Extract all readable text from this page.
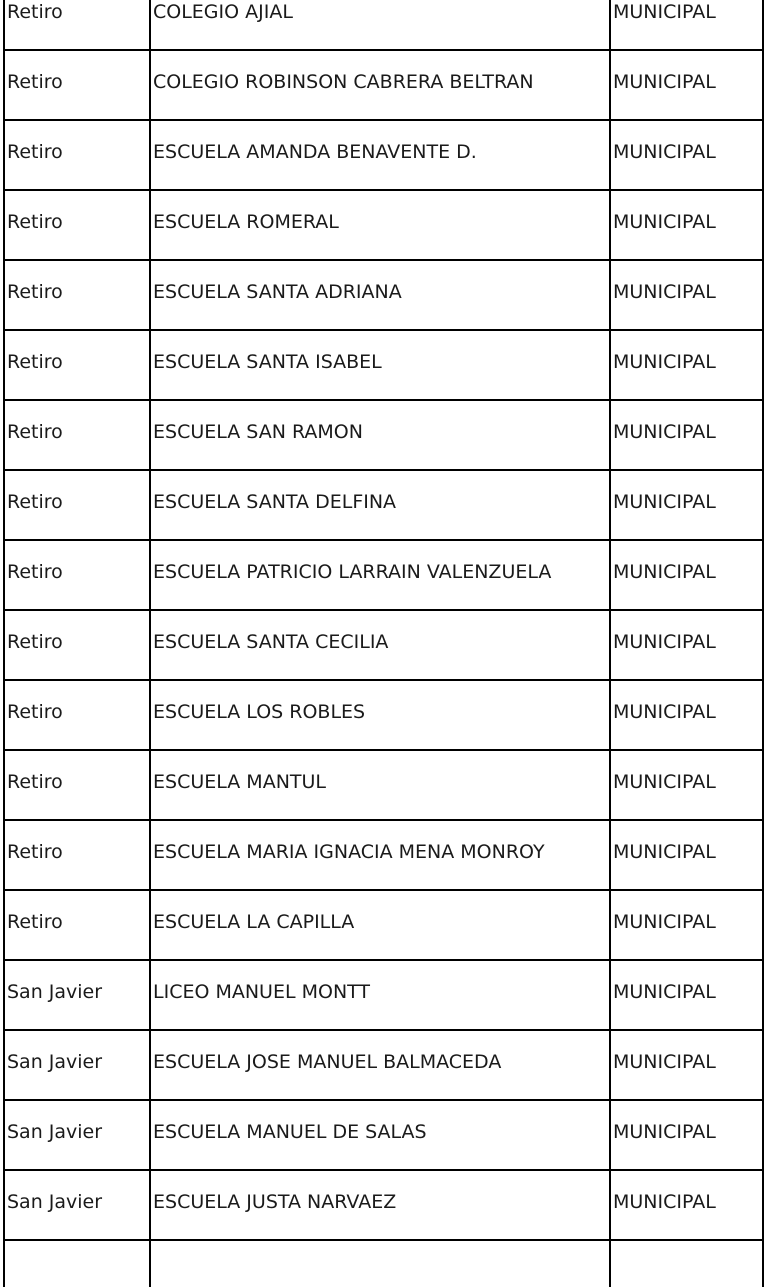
Retiro	COLEGIO AJIAL	MUNICIPAL
Retiro	COLEGIO ROBINSON CABRERA BELTRAN	MUNICIPAL
Retiro	ESCUELA AMANDA BENAVENTE D.	MUNICIPAL
Retiro	ESCUELA ROMERAL	MUNICIPAL
Retiro	ESCUELA SANTA ADRIANA	MUNICIPAL
Retiro	ESCUELA SANTA ISABEL	MUNICIPAL
Retiro	ESCUELA SAN RAMON	MUNICIPAL
Retiro	ESCUELA SANTA DELFINA	MUNICIPAL
Retiro	ESCUELA PATRICIO LARRAIN VALENZUELA	MUNICIPAL
Retiro	ESCUELA SANTA CECILIA	MUNICIPAL
Retiro	ESCUELA LOS ROBLES	MUNICIPAL
Retiro	ESCUELA MANTUL	MUNICIPAL
Retiro	ESCUELA MARIA IGNACIA MENA MONROY	MUNICIPAL
Retiro	ESCUELA LA CAPILLA	MUNICIPAL
San Javier	LICEO MANUEL MONTT	MUNICIPAL
San Javier	ESCUELA JOSE MANUEL BALMACEDA	MUNICIPAL
San Javier	ESCUELA MANUEL DE SALAS	MUNICIPAL
San Javier	ESCUELA JUSTA NARVAEZ	MUNICIPAL
